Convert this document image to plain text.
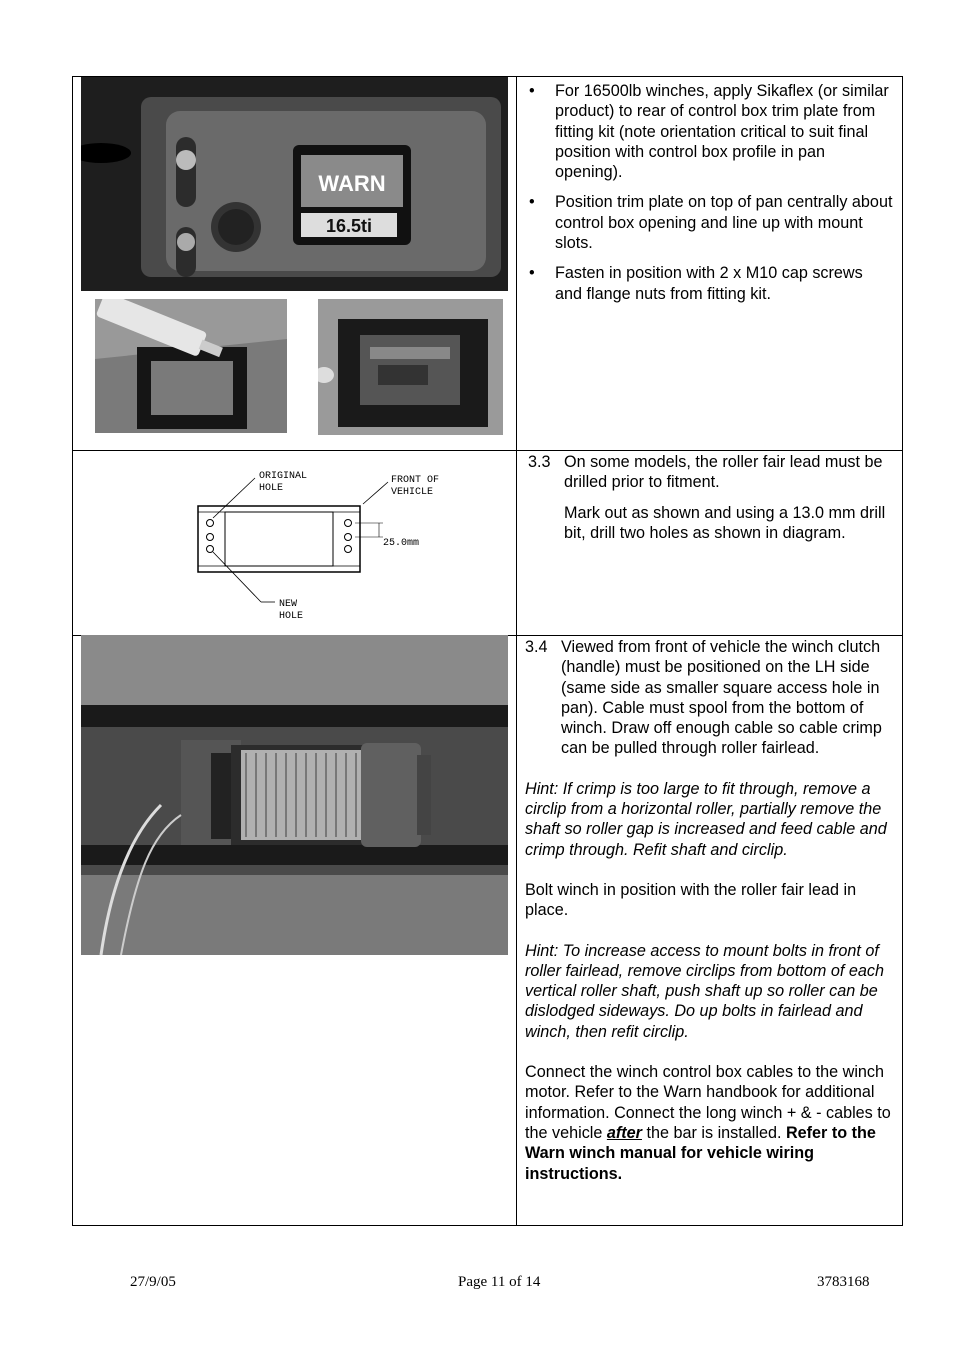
WARN
16.5ti
• For 16500lb winches, apply Sikaflex (or similar product) to rear of control box trim plate from fitting kit (note orientation critical to suit final position with control box profile in pan opening).
• Position trim plate on top of pan centrally about control box opening and line up with mount slots.
• Fasten in position with 2 x M10 cap screws and flange nuts from fitting kit.
ORIGINAL
HOLE
FRONT OF
VEHICLE
25.0mm
NEW
HOLE
3.3 On some models, the roller fair lead must be drilled prior to fitment.

Mark out as shown and using a 13.0 mm drill bit, drill two holes as shown in diagram.

3.4 Viewed from front of vehicle the winch clutch (handle) must be positioned on the LH side (same side as smaller square access hole in pan). Cable must spool from the bottom of winch. Draw off enough cable so cable crimp can be pulled through roller fairlead.

Hint: If crimp is too large to fit through, remove a circlip from a horizontal roller, partially remove the shaft so roller gap is increased and feed cable and crimp through. Refit shaft and circlip.

Bolt winch in position with the roller fair lead in place.

Hint: To increase access to mount bolts in front of roller fairlead, remove circlips from bottom of each vertical roller shaft, push shaft up so roller can be dislodged sideways. Do up bolts in fairlead and winch, then refit circlip.

Connect the winch control box cables to the winch motor. Refer to the Warn handbook for additional information. Connect the long winch + & - cables to the vehicle after the bar is installed. Refer to the Warn winch manual for vehicle wiring instructions.

27/9/05	Page 11 of 14	3783168
